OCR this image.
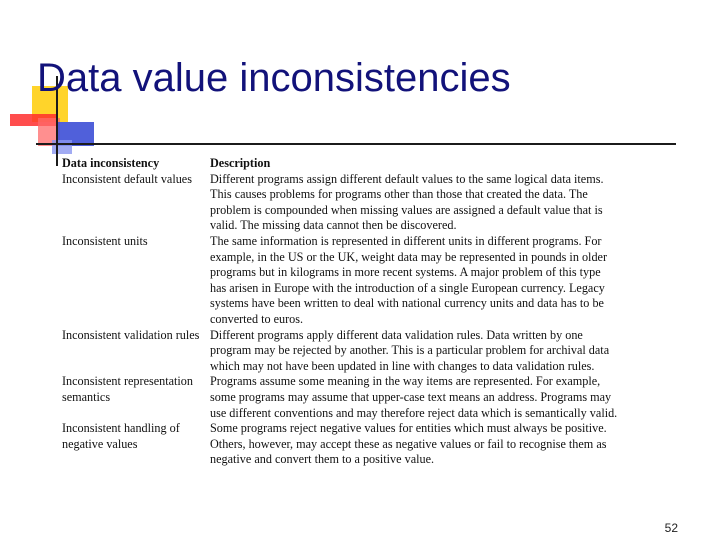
Data value inconsistencies
Data inconsistency	Description
Inconsistent default values	Different programs assign different default values to the same logical data items. This causes problems for programs other than those that created the data. The problem is compounded when missing values are assigned a default value that is valid. The missing data cannot then be discovered.
Inconsistent units	The same information is represented in different units in different programs. For example, in the US or the UK, weight data may be represented in pounds in older programs but in kilograms in more recent systems. A major problem of this type has arisen in Europe with the introduction of a single European currency. Legacy systems have been written to deal with national currency units and data has to be converted to euros.
Inconsistent validation rules	Different programs apply different data validation rules. Data written by one program may be rejected by another. This is a particular problem for archival data which may not have been updated in line with changes to data validation rules.
Inconsistent representation semantics	Programs assume some meaning in the way items are represented. For example, some programs may assume that upper-case text means an address. Programs may use different conventions and may therefore reject data which is semantically valid.
Inconsistent handling of negative values	Some programs reject negative values for entities which must always be positive. Others, however, may accept these as negative values or fail to recognise them as negative and convert them to a positive value.
52
